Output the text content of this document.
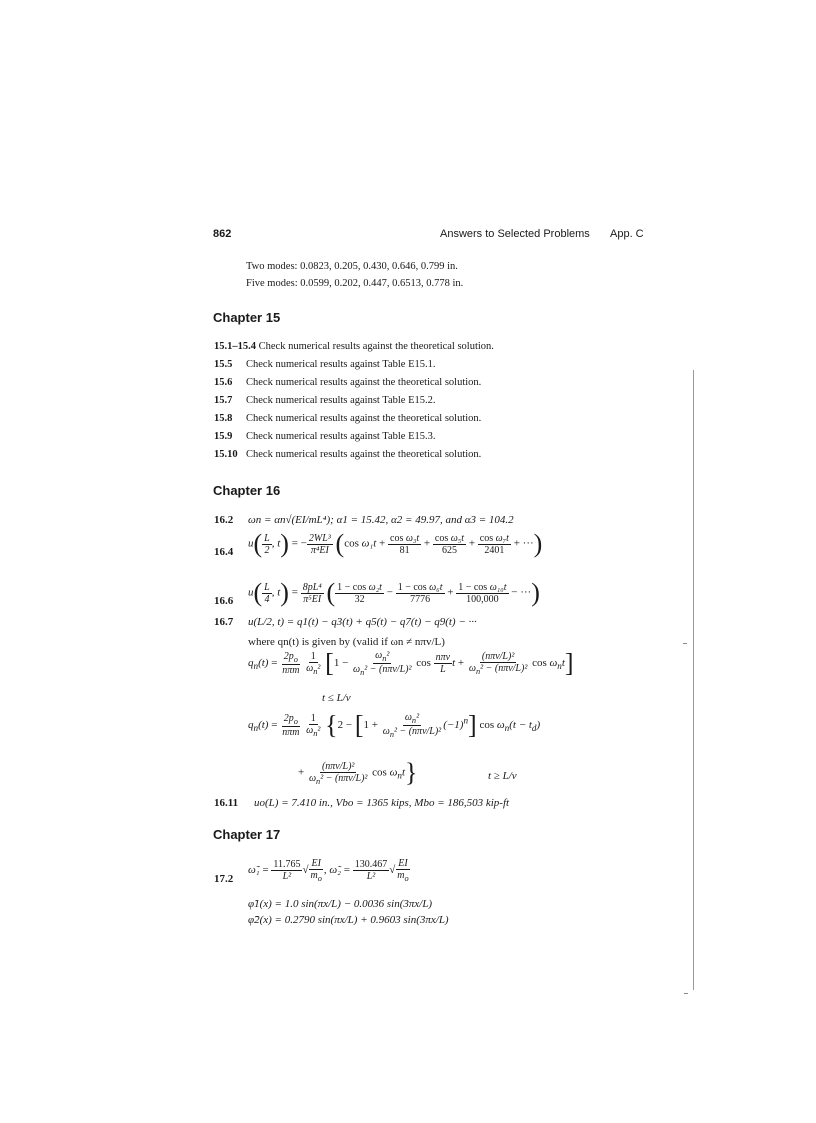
862	Answers to Selected Problems App. C
Two modes: 0.0823, 0.205, 0.430, 0.646, 0.799 in.
Five modes: 0.0599, 0.202, 0.447, 0.6513, 0.778 in.
Chapter 15
15.1–15.4 Check numerical results against the theoretical solution.
15.5 Check numerical results against Table E15.1.
15.6 Check numerical results against the theoretical solution.
15.7 Check numerical results against Table E15.2.
15.8 Check numerical results against the theoretical solution.
15.9 Check numerical results against Table E15.3.
15.10 Check numerical results against the theoretical solution.
Chapter 16
16.2 ωn = αn√(EI/mL⁴); α1 = 15.42, α2 = 49.97, and α3 = 104.2
16.4
$u( \frac{L}{2}$ , t) = − $\frac{\text{2WL³}}{\text{π⁴EI}} (\cos$ $\omega_1t + \frac{\text{cos ω₃t}}{81} + \frac{\text{cos ω₅t}}{625} + \frac{\text{cos ω₇t}}{2401}$ + ···)
16.6
$u( \frac{L}{4}$ , $t) = \frac{\text{8pL⁴}}{\text{π⁵EI}}$ ( $\frac{\text{1 − cos ω₂t}}{32} - \frac{\text{1 − cos ω₆t}}{7776} + \frac{\text{1 − cos ω₁₀t}}{100,000}$ − ···)
16.7 u(L/2, t) = q1(t) − q3(t) + q5(t) − q7(t) − q9(t) − ···
where qn(t) is given by (valid if ωn ≠ nπv/L)
$q_n(t) = \frac{2p_o}{\text{nπm}}$
$\frac{1}{\omega_n^2} [1 - \frac{\omega_n^2}{\omega_n^2 - (n\pi v/L)^2}$ $\cos \frac{\text{nπv}}{L}$ $t + \frac{\text{(nπv/L)²}}{\omega_n^2 - (n\pi v/L)^2}$ $\cos \omega_nt$]
t ≤ L/v
$q_n(t) = \frac{2p_o}{\text{nπm}}$
$\frac{1}{\omega_n^2} \{2 - [1 + \frac{\omega_n^2}{\omega_n^2 - (n\pi v/L)^2} (-1)^n]$ $\cos \omega_n(t - t_d)$
+ $\frac{\text{(nπv/L)²}}{\omega_n^2 - (n\pi v/L)^2}$ $\cos \omega_nt$}	t ≥ L/v
16.11 uo(L) = 7.410 in., Vbo = 1365 kips, Mbo = 186,503 kip-ft
Chapter 17
17.2
ω̃₁ = $\frac{11.765}{\text{L²}}$ √ $\frac{EI}{m_o}$ , ω̃₂ = $\frac{130.467}{\text{L²}}$ √ $\frac{EI}{m_o}$
φ̃1(x) = 1.0 sin(πx/L) − 0.0036 sin(3πx/L)
φ̃2(x) = 0.2790 sin(πx/L) + 0.9603 sin(3πx/L)
